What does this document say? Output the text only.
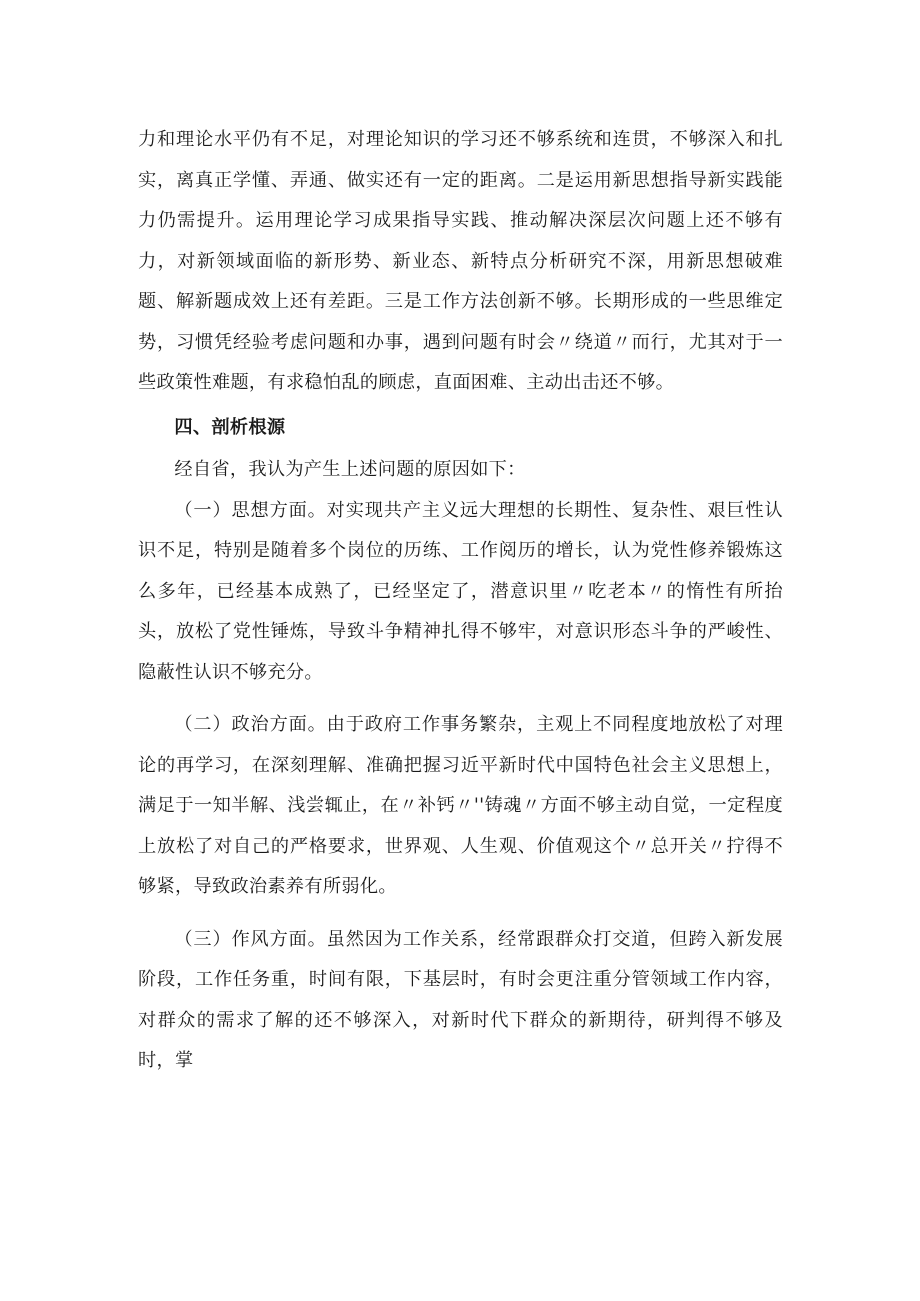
力和理论水平仍有不足，对理论知识的学习还不够系统和连贯，不够深入和扎实，离真正学懂、弄通、做实还有一定的距离。二是运用新思想指导新实践能力仍需提升。运用理论学习成果指导实践、推动解决深层次问题上还不够有力，对新领域面临的新形势、新业态、新特点分析研究不深，用新思想破难题、解新题成效上还有差距。三是工作方法创新不够。长期形成的一些思维定势，习惯凭经验考虑问题和办事，遇到问题有时会〃绕道〃而行，尤其对于一些政策性难题，有求稳怕乱的顾虑，直面困难、主动出击还不够。

四、剖析根源

经自省，我认为产生上述问题的原因如下：

（一）思想方面。对实现共产主义远大理想的长期性、复杂性、艰巨性认识不足，特别是随着多个岗位的历练、工作阅历的增长，认为党性修养锻炼这么多年，已经基本成熟了，已经坚定了，潜意识里〃吃老本〃的惰性有所抬头，放松了党性锤炼，导致斗争精神扎得不够牢，对意识形态斗争的严峻性、隐蔽性认识不够充分。

（二）政治方面。由于政府工作事务繁杂，主观上不同程度地放松了对理论的再学习，在深刻理解、准确把握习近平新时代中国特色社会主义思想上，满足于一知半解、浅尝辄止，在〃补钙〃''铸魂〃方面不够主动自觉，一定程度上放松了对自己的严格要求，世界观、人生观、价值观这个〃总开关〃拧得不够紧，导致政治素养有所弱化。

（三）作风方面。虽然因为工作关系，经常跟群众打交道，但跨入新发展阶段，工作任务重，时间有限，下基层时，有时会更注重分管领域工作内容，对群众的需求了解的还不够深入，对新时代下群众的新期待，研判得不够及时，掌
